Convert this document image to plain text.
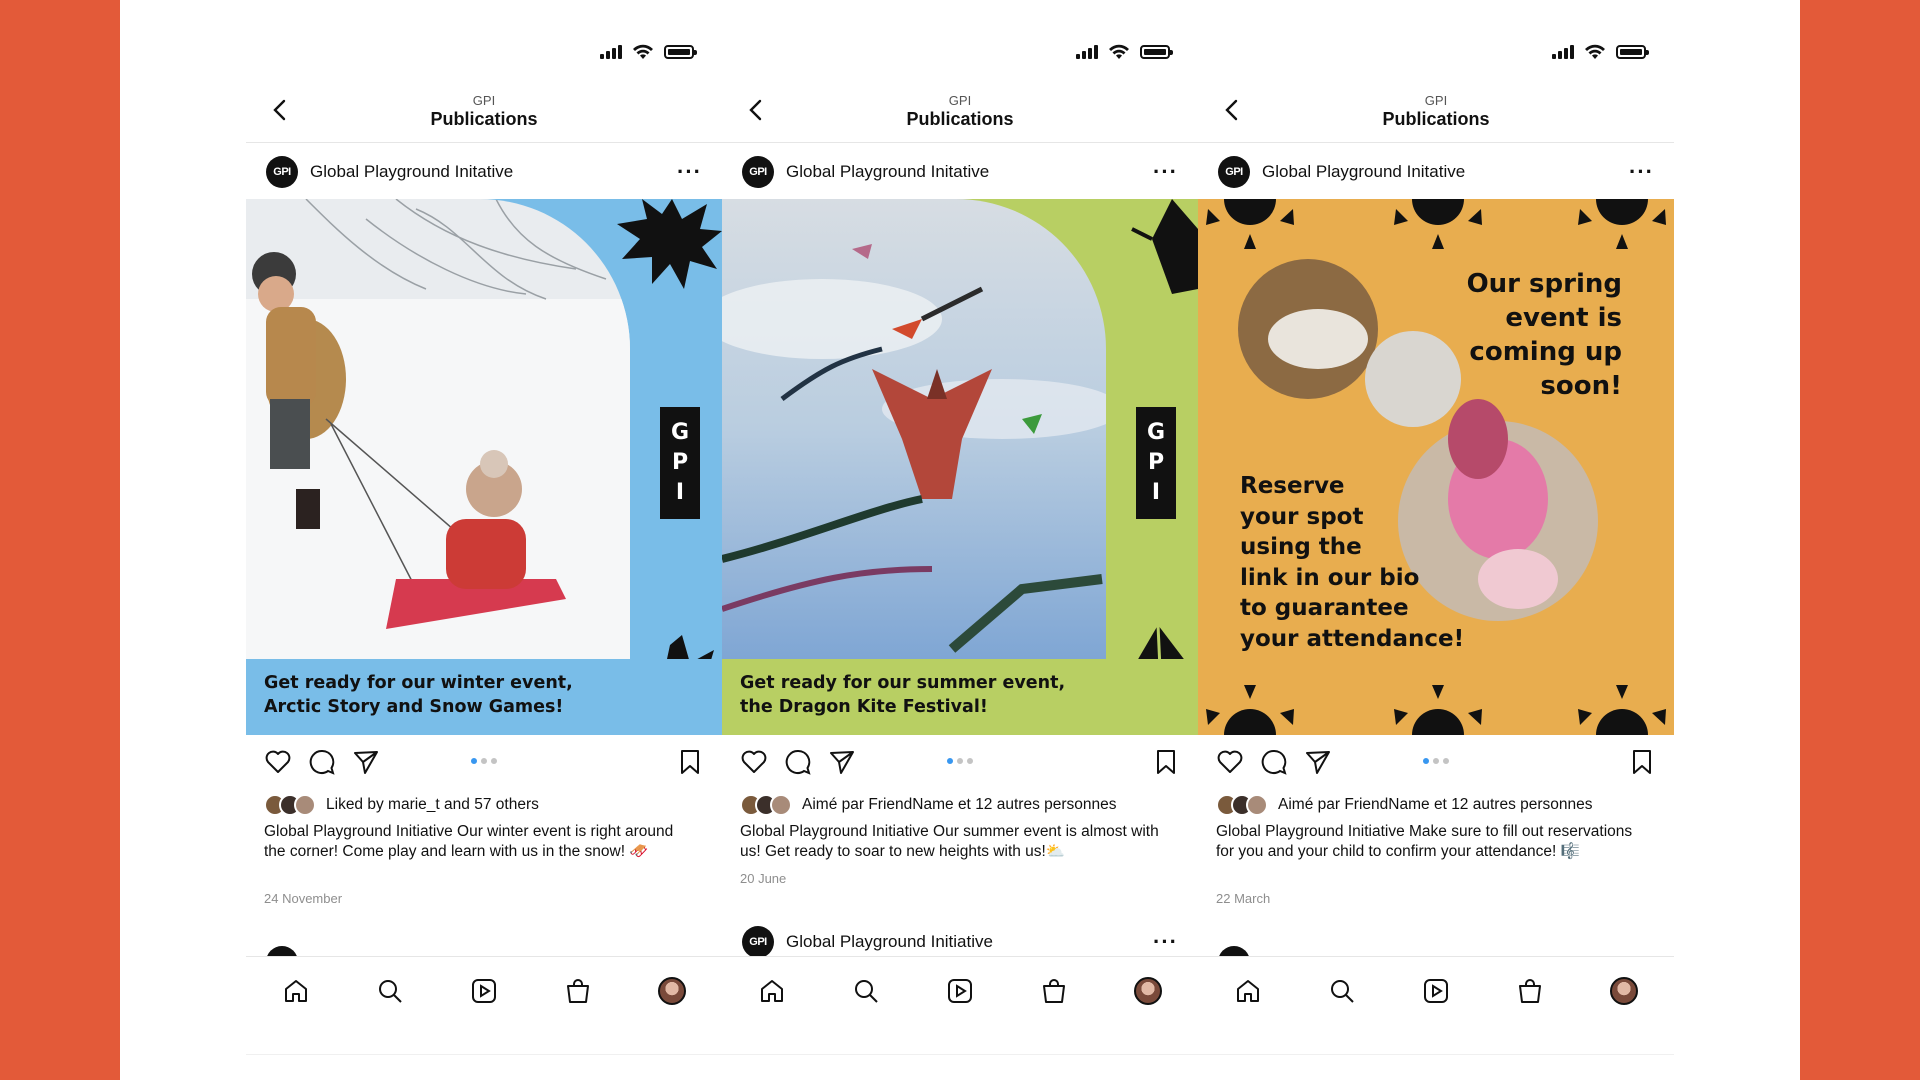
GPI
Publications
GPI	Global Playground Initative	···
G
P
I
Get ready for our winter event,
Arctic Story and Snow Games!
Liked by
marie_t
and
57 others
Global Playground Initiative Our winter event is right around the corner! Come play and learn with us in the snow! 🛷
24 November
GPI
Publications
GPI	Global Playground Initative	···
G
P
I
Get ready for our summer event,
the Dragon Kite Festival!
Aimé par
FriendName
et
12 autres personnes
Global Playground Initiative Our summer event is almost with us! Get ready to soar to new heights with us!⛅
20 June
GPI	Global Playground Initiative	···
GPI
Publications
GPI	Global Playground Initative	···
Our spring
event is
coming up
soon!
Reserve
your spot
using the
link in our bio
to guarantee
your attendance!
Aimé par
FriendName
et
12 autres personnes
Global Playground Initiative Make sure to fill out reservations for you and your child to confirm your attendance! 🎼
22 March
